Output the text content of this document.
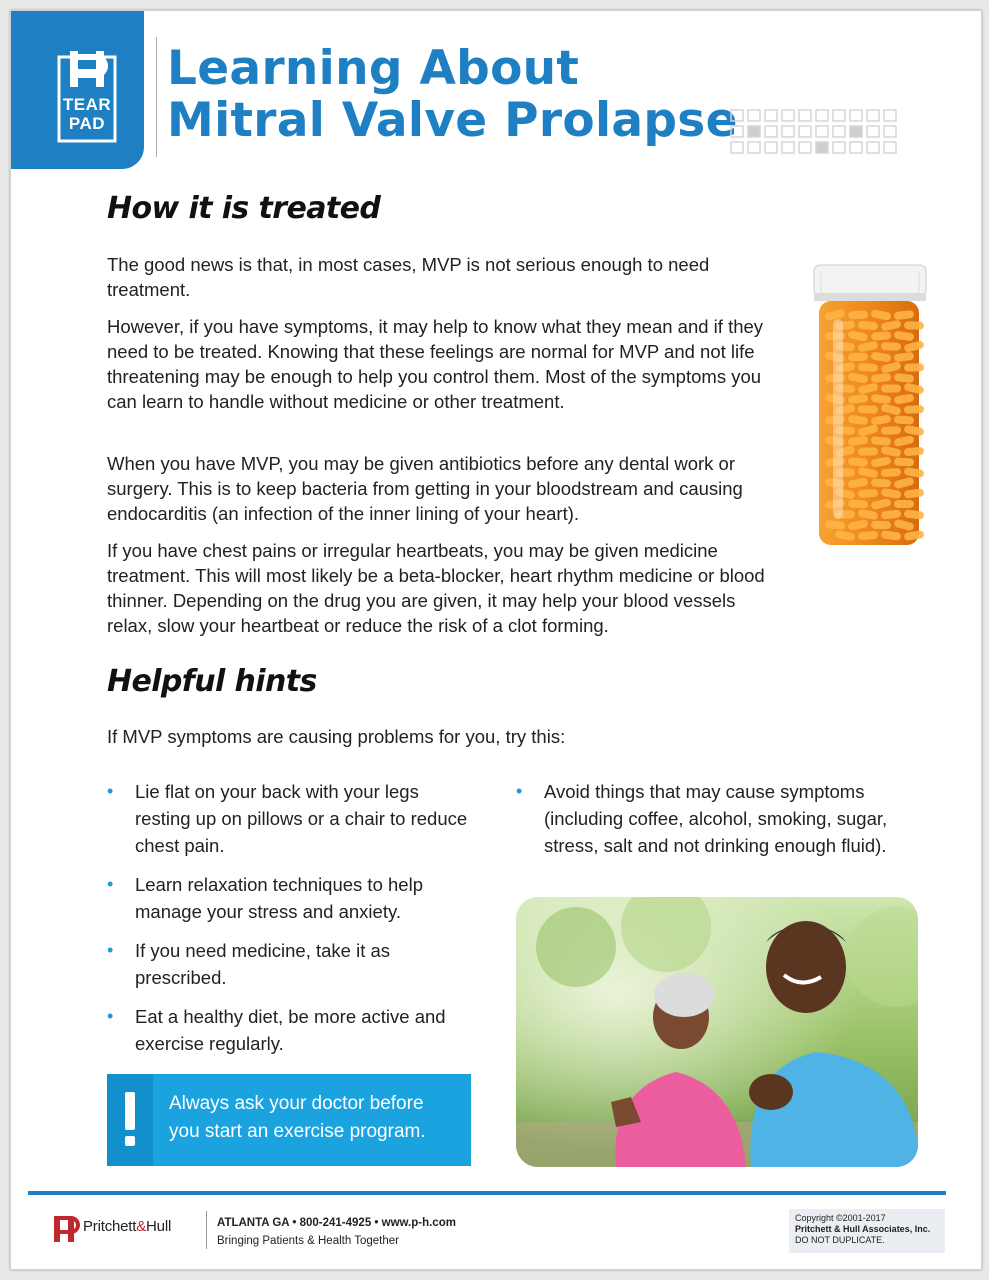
TEAR
PAD
Learning About
Mitral Valve Prolapse
How it is treated

The good news is that, in most cases, MVP is not serious enough to need treatment.

However, if you have symptoms, it may help to know what they mean and if they need to be treated. Knowing that these feelings are normal for MVP and not life threatening may be enough to help you control them. Most of the symptoms you can learn to handle without medicine or other treatment.

When you have MVP, you may be given antibiotics before any dental work or surgery. This is to keep bacteria from getting in your bloodstream and causing endocarditis (an infection of the inner lining of your heart).

If you have chest pains or irregular heartbeats, you may be given medicine treatment. This will most likely be a beta-blocker, heart rhythm medicine or blood thinner. Depending on the drug you are given, it may help your blood vessels relax, slow your heartbeat or reduce the risk of a clot forming.

Helpful hints

If MVP symptoms are causing problems for you, try this:

• Lie flat on your back with your legs resting up on pillows or a chair to reduce chest pain.
• Learn relaxation techniques to help manage your stress and anxiety.
• If you need medicine, take it as prescribed.
• Eat a healthy diet, be more active and exercise regularly.
• Avoid things that may cause symptoms (including coffee, alcohol, smoking, sugar, stress, salt and not drinking enough fluid).
Always ask your doctor before you start an exercise program.
Pritchett&Hull	ATLANTA GA • 800-241-4925 • www.p-h.com
Bringing Patients & Health Together
Copyright ©2001-2017
Pritchett & Hull Associates, Inc.
DO NOT DUPLICATE.
